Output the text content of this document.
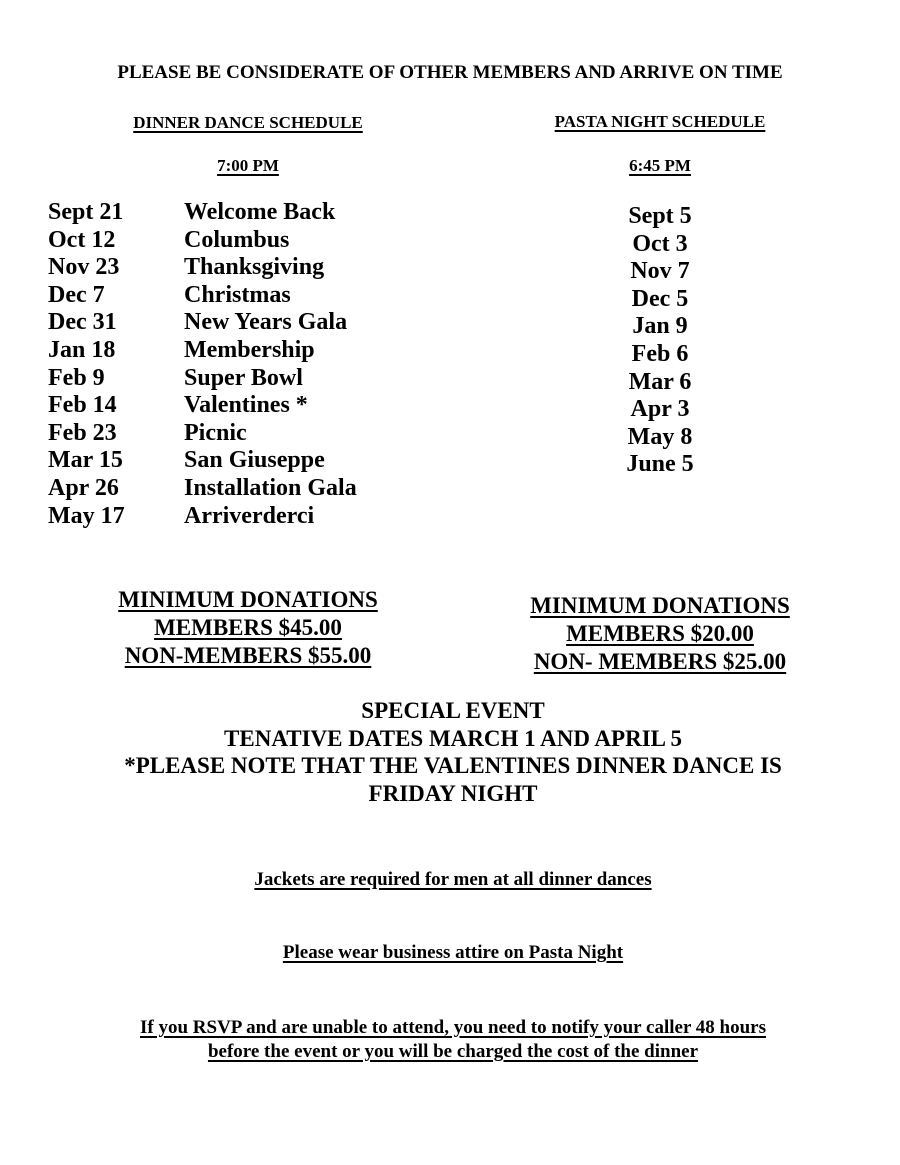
PLEASE BE CONSIDERATE OF OTHER MEMBERS AND ARRIVE ON TIME
DINNER DANCE SCHEDULE
7:00 PM
PASTA NIGHT SCHEDULE
6:45 PM
Sept 21	Welcome Back
Oct 12	Columbus
Nov 23	Thanksgiving
Dec 7	Christmas
Dec 31	New Years Gala
Jan 18	Membership
Feb 9	Super Bowl
Feb 14	Valentines *
Feb 23	Picnic
Mar 15	San Giuseppe
Apr 26	Installation Gala
May 17 Arriverderci
Sept 5
Oct 3
Nov 7
Dec 5
Jan 9
Feb 6
Mar 6
Apr 3
May 8
June 5
MINIMUM DONATIONS
MEMBERS $45.00
NON-MEMBERS $55.00
MINIMUM DONATIONS
MEMBERS $20.00
NON- MEMBERS $25.00
SPECIAL EVENT
TENATIVE DATES MARCH 1 AND APRIL 5
*PLEASE NOTE THAT THE VALENTINES DINNER DANCE IS
FRIDAY NIGHT
Jackets are required for men at all dinner dances
Please wear business attire on Pasta Night
If you RSVP and are unable to attend, you need to notify your caller 48 hours
before the event or you will be charged the cost of the dinner
